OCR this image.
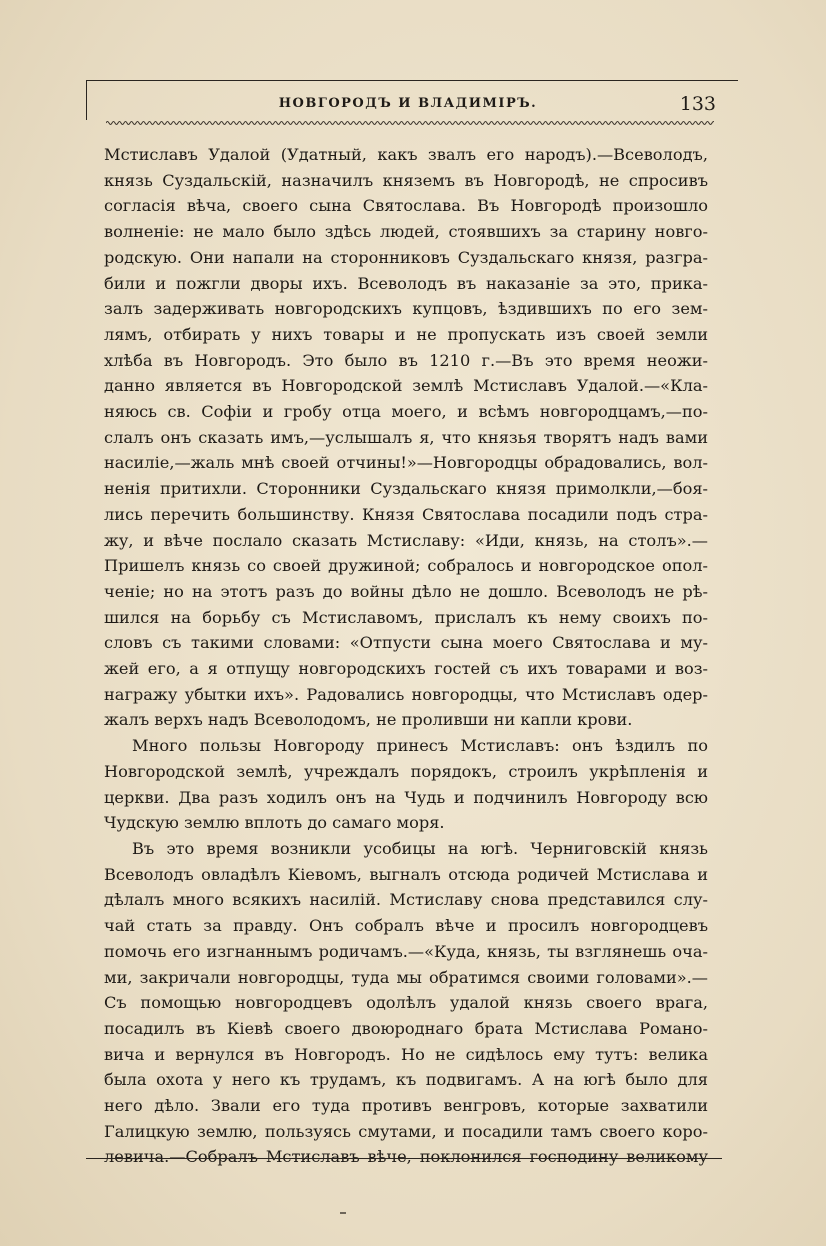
НОВГОРОДЪ И ВЛАДИМІРЪ.	133

Мстиславъ Удалой (Удатный, какъ звалъ его народъ).—Всеволодъ,

князь Суздальскій, назначилъ княземъ въ Новгородѣ, не спросивъ

согласія вѣча, своего сына Святослава. Въ Новгородѣ произошло

волненіе: не мало было здѣсь людей, стоявшихъ за старину новго-

родскую. Они напали на сторонниковъ Суздальскаго князя, разгра-

били и пожгли дворы ихъ. Всеволодъ въ наказаніе за это, прика-

залъ задерживать новгородскихъ купцовъ, ѣздившихъ по его зем-

лямъ, отбирать у нихъ товары и не пропускать изъ своей земли

хлѣба въ Новгородъ. Это было въ 1210 г.—Въ это время неожи-

данно является въ Новгородской землѣ Мстиславъ Удалой.—«Кла-

няюсь св. Софіи и гробу отца моего, и всѣмъ новгородцамъ,—по-

слалъ онъ сказать имъ,—услышалъ я, что князья творятъ надъ вами

насиліе,—жаль мнѣ своей отчины!»—Новгородцы обрадовались, вол-

ненія притихли. Сторонники Суздальскаго князя примолкли,—боя-

лись перечить большинству. Князя Святослава посадили подъ стра-

жу, и вѣче послало сказать Мстиславу: «Иди, князь, на столъ».—

Пришелъ князь со своей дружиной; собралось и новгородское опол-

ченіе; но на этотъ разъ до войны дѣло не дошло. Всеволодъ не рѣ-

шился на борьбу съ Мстиславомъ, прислалъ къ нему своихъ по-

словъ съ такими словами: «Отпусти сына моего Святослава и му-

жей его, а я отпущу новгородскихъ гостей съ ихъ товарами и воз-

награжу убытки ихъ». Радовались новгородцы, что Мстиславъ одер-

жалъ верхъ надъ Всеволодомъ, не проливши ни капли крови.

Много пользы Новгороду принесъ Мстиславъ: онъ ѣздилъ по

Новгородской землѣ, учреждалъ порядокъ, строилъ укрѣпленія и

церкви. Два разъ ходилъ онъ на Чудь и подчинилъ Новгороду всю

Чудскую землю вплоть до самаго моря.

Въ это время возникли усобицы на югѣ. Черниговскій князь

Всеволодъ овладѣлъ Кіевомъ, выгналъ отсюда родичей Мстислава и

дѣлалъ много всякихъ насилій. Мстиславу снова представился слу-

чай стать за правду. Онъ собралъ вѣче и просилъ новгородцевъ

помочь его изгнаннымъ родичамъ.—«Куда, князь, ты взглянешь оча-

ми, закричали новгородцы, туда мы обратимся своими головами».—

Съ помощью новгородцевъ одолѣлъ удалой князь своего врага,

посадилъ въ Кіевѣ своего двоюроднаго брата Мстислава Романо-

вича и вернулся въ Новгородъ. Но не сидѣлось ему тутъ: велика

была охота у него къ трудамъ, къ подвигамъ. А на югѣ было для

него дѣло. Звали его туда противъ венгровъ, которые захватили

Галицкую землю, пользуясь смутами, и посадили тамъ своего коро-

левича.—Собралъ Мстиславъ вѣче, поклонился господину великому
